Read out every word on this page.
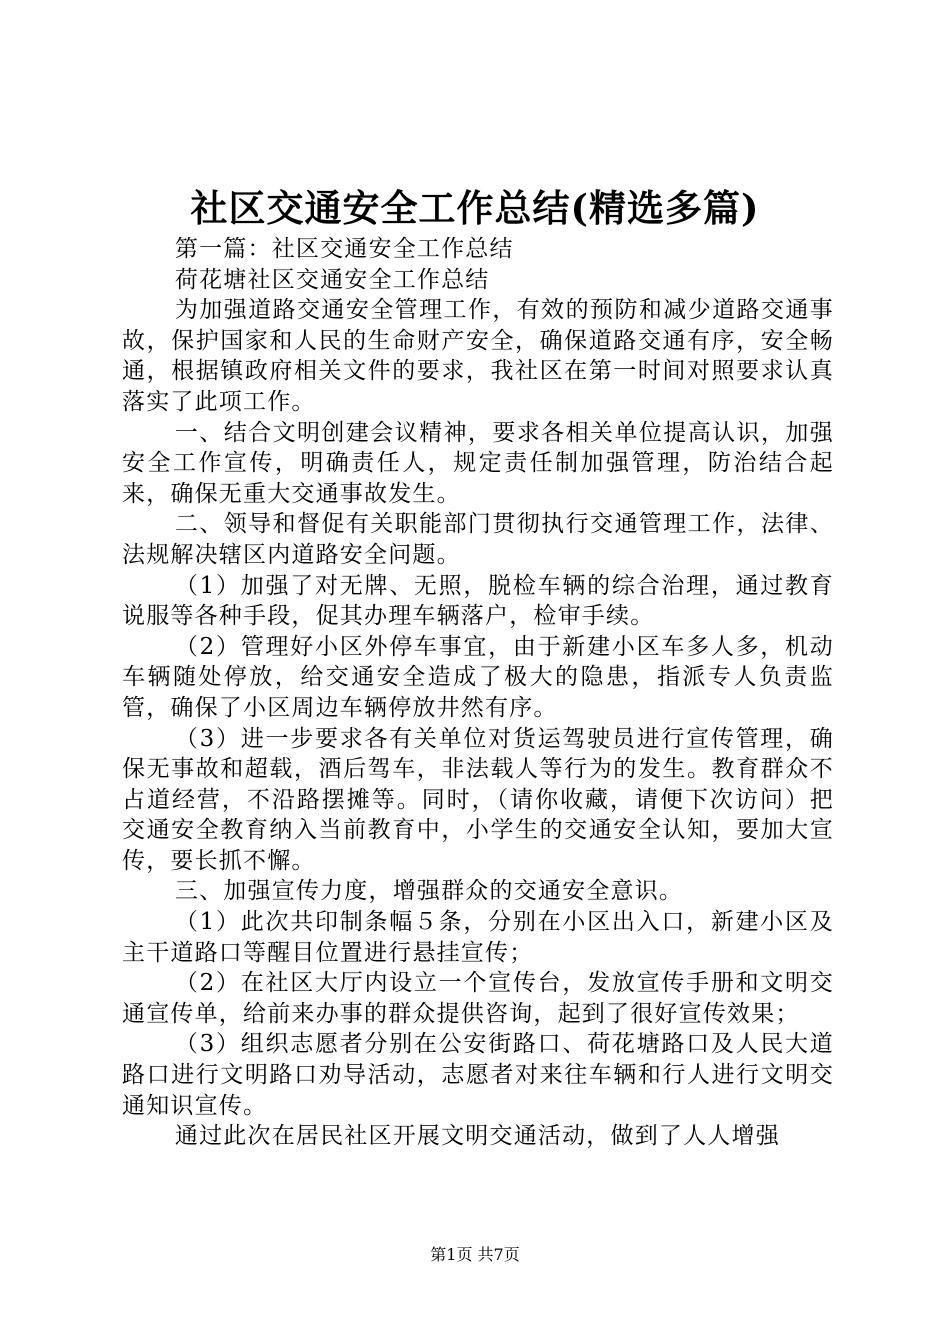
社区交通安全工作总结(精选多篇)

第一篇：社区交通安全工作总结

荷花塘社区交通安全工作总结

为加强道路交通安全管理工作，有效的预防和减少道路交通事故，保护国家和人民的生命财产安全，确保道路交通有序，安全畅通，根据镇政府相关文件的要求，我社区在第一时间对照要求认真落实了此项工作。

一、结合文明创建会议精神，要求各相关单位提高认识，加强安全工作宣传，明确责任人，规定责任制加强管理，防治结合起来，确保无重大交通事故发生。

二、领导和督促有关职能部门贯彻执行交通管理工作，法律、法规解决辖区内道路安全问题。

（1）加强了对无牌、无照，脱检车辆的综合治理，通过教育说服等各种手段，促其办理车辆落户，检审手续。

（2）管理好小区外停车事宜，由于新建小区车多人多，机动车辆随处停放，给交通安全造成了极大的隐患，指派专人负责监管，确保了小区周边车辆停放井然有序。

（3）进一步要求各有关单位对货运驾驶员进行宣传管理，确保无事故和超载，酒后驾车，非法载人等行为的发生。教育群众不占道经营，不沿路摆摊等。同时，（请你收藏，请便下次访问）把交通安全教育纳入当前教育中，小学生的交通安全认知，要加大宣传，要长抓不懈。

三、加强宣传力度，增强群众的交通安全意识。

（1）此次共印制条幅５条，分别在小区出入口，新建小区及主干道路口等醒目位置进行悬挂宣传；

（2）在社区大厅内设立一个宣传台，发放宣传手册和文明交通宣传单，给前来办事的群众提供咨询，起到了很好宣传效果；

（3）组织志愿者分别在公安街路口、荷花塘路口及人民大道路口进行文明路口劝导活动，志愿者对来往车辆和行人进行文明交通知识宣传。

通过此次在居民社区开展文明交通活动，做到了人人增强

第1页 共7页
